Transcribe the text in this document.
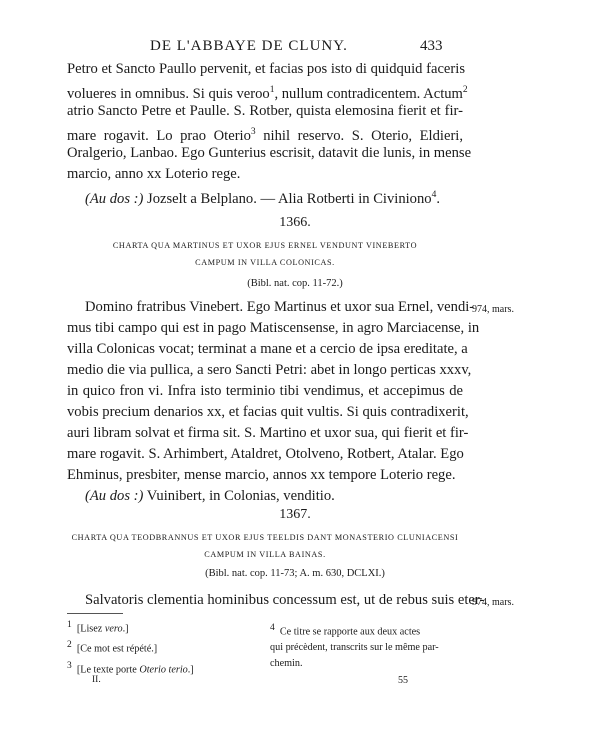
DE L'ABBAYE DE CLUNY.	433
Petro et Sancto Paullo pervenit, et facias pos isto di quidquid faceris
volueres in omnibus. Si quis veroo$^1$, nullum contradicentem. Actum$^2$
atrio Sancto Petre et Paulle. S. Rotber, quista elemosina fierit et fir-
mare rogavit. Lo prao Oterio$^3$ nihil reservo. S. Oterio, Eldieri,
Oralgerio, Lanbao. Ego Gunterius escrisit, datavit die lunis, in mense
marcio, anno xx Loterio rege.
(Au dos :) Jozselt a Belplano. — Alia Rotberti in Civiniono$^4$.
1366.
CHARTA QUA MARTINUS ET UXOR EJUS ERNEL VENDUNT VINEBERTO
CAMPUM IN VILLA COLONICAS.
(Bibl. nat. cop. 11-72.)
974, mars.
Domino fratribus Vinebert. Ego Martinus et uxor sua Ernel, vendi-
mus tibi campo qui est in pago Matiscensense, in agro Marciacense, in
villa Colonicas vocat; terminat a mane et a cercio de ipsa ereditate, a
medio die via pullica, a sero Sancti Petri: abet in longo perticas xxxv,
in quico fron vi. Infra isto terminio tibi vendimus, et accepimus de
vobis precium denarios xx, et facias quit vultis. Si quis contradixerit,
auri libram solvat et firma sit. S. Martino et uxor sua, qui fierit et fir-
mare rogavit. S. Arhimbert, Ataldret, Otolveno, Rotbert, Atalar. Ego
Ehminus, presbiter, mense marcio, annos xx tempore Loterio rege.
(Au dos :) Vuinibert, in Colonias, venditio.
1367.
CHARTA QUA TEODBRANNUS ET UXOR EJUS TEELDIS DANT MONASTERIO CLUNIACENSI
CAMPUM IN VILLA BAINAS.
(Bibl. nat. cop. 11-73; A. m. 630, DCLXI.)
974, mars.
Salvatoris clementia hominibus concessum est, ut de rebus suis eter-
$^1$ [Lisez vero.]
$^2$ [Ce mot est répété.]
$^3$ [Le texte porte Oterio terio.]
$^4$ Ce titre se rapporte aux deux actes
qui précèdent, transcrits sur le même par-
chemin.
II.	55
